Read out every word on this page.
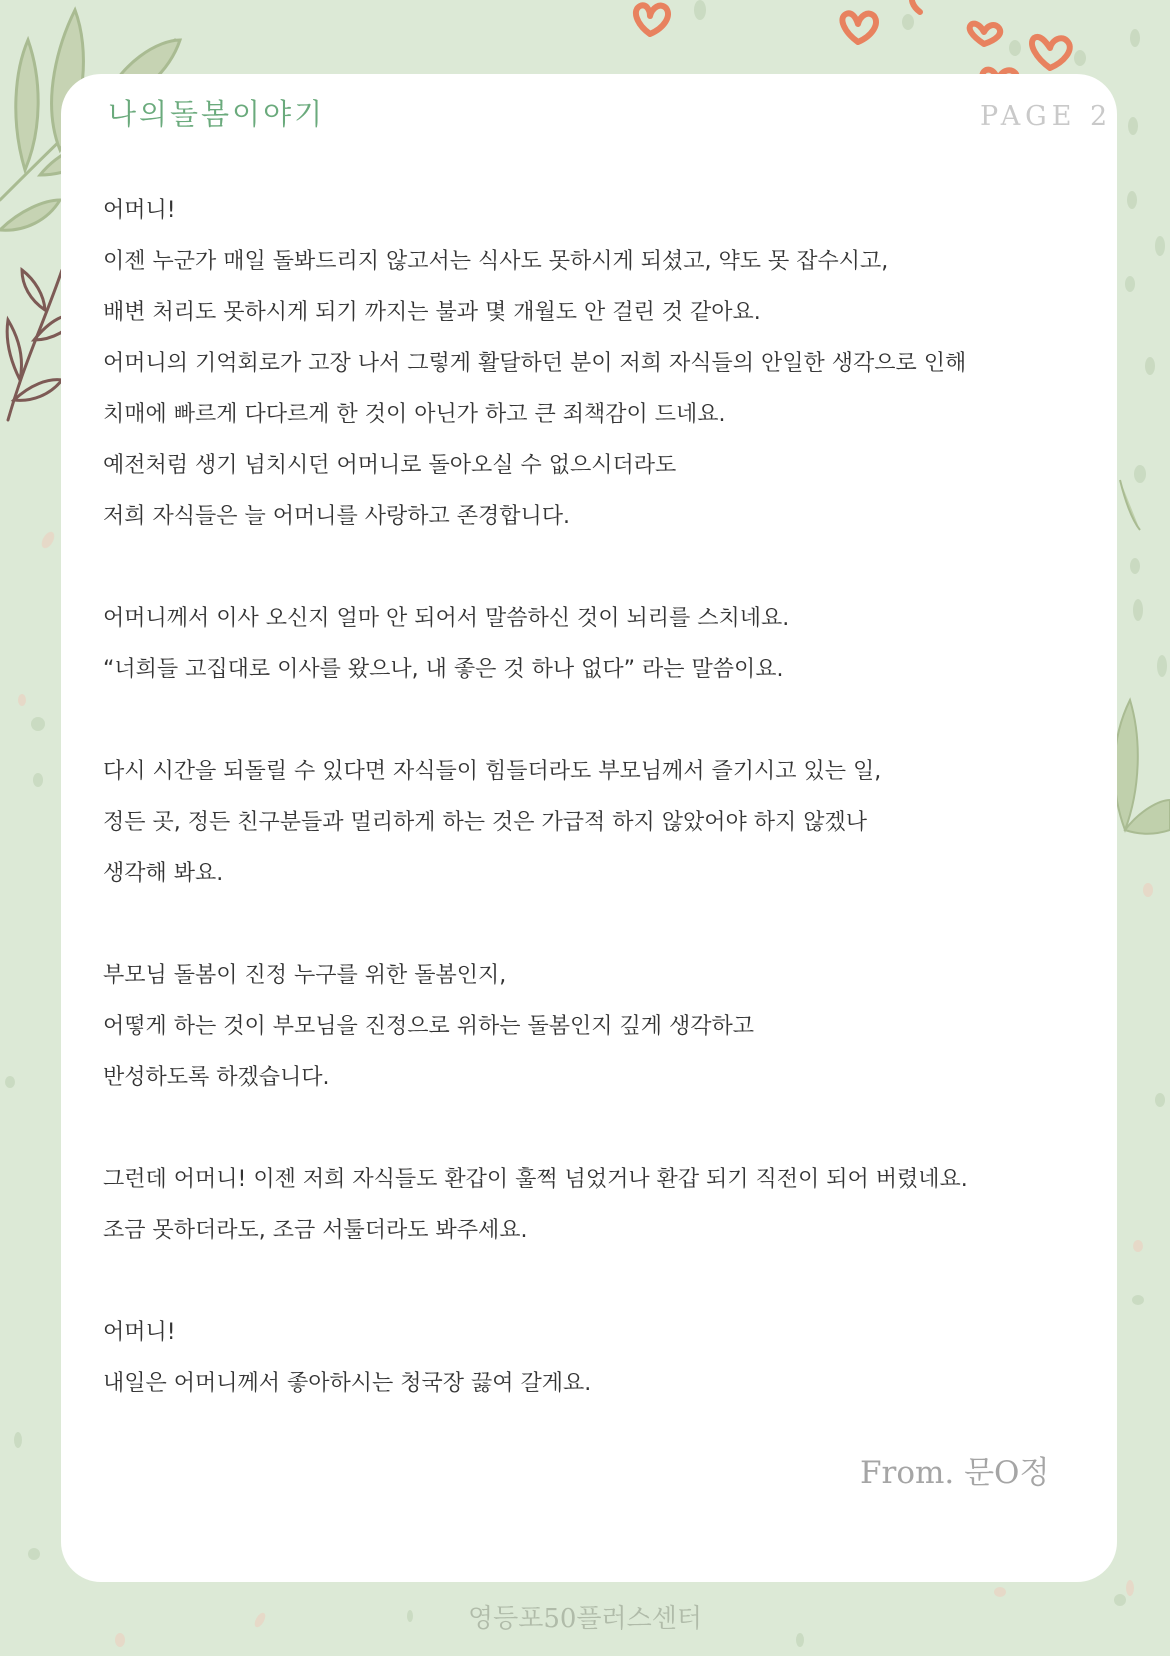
나의돌봄이야기	PAGE 2
어머니!
이젠 누군가 매일 돌봐드리지 않고서는 식사도 못하시게 되셨고, 약도 못 잡수시고,
배변 처리도 못하시게 되기 까지는 불과 몇 개월도 안 걸린 것 같아요.
어머니의 기억회로가 고장 나서 그렇게 활달하던 분이 저희 자식들의 안일한 생각으로 인해
치매에 빠르게 다다르게 한 것이 아닌가 하고 큰 죄책감이 드네요.
예전처럼 생기 넘치시던 어머니로 돌아오실 수 없으시더라도
저희 자식들은 늘 어머니를 사랑하고 존경합니다.
어머니께서 이사 오신지 얼마 안 되어서 말씀하신 것이 뇌리를 스치네요.
“너희들 고집대로 이사를 왔으나, 내 좋은 것 하나 없다” 라는 말씀이요.
다시 시간을 되돌릴 수 있다면 자식들이 힘들더라도 부모님께서 즐기시고 있는 일,
정든 곳, 정든 친구분들과 멀리하게 하는 것은 가급적 하지 않았어야 하지 않겠나
생각해 봐요.
부모님 돌봄이 진정 누구를 위한 돌봄인지,
어떻게 하는 것이 부모님을 진정으로 위하는 돌봄인지 깊게 생각하고
반성하도록 하겠습니다.
그런데 어머니! 이젠 저희 자식들도 환갑이 훌쩍 넘었거나 환갑 되기 직전이 되어 버렸네요.
조금 못하더라도, 조금 서툴더라도 봐주세요.
어머니!
내일은 어머니께서 좋아하시는 청국장 끓여 갈게요.
From. 문O정
영등포50플러스센터
